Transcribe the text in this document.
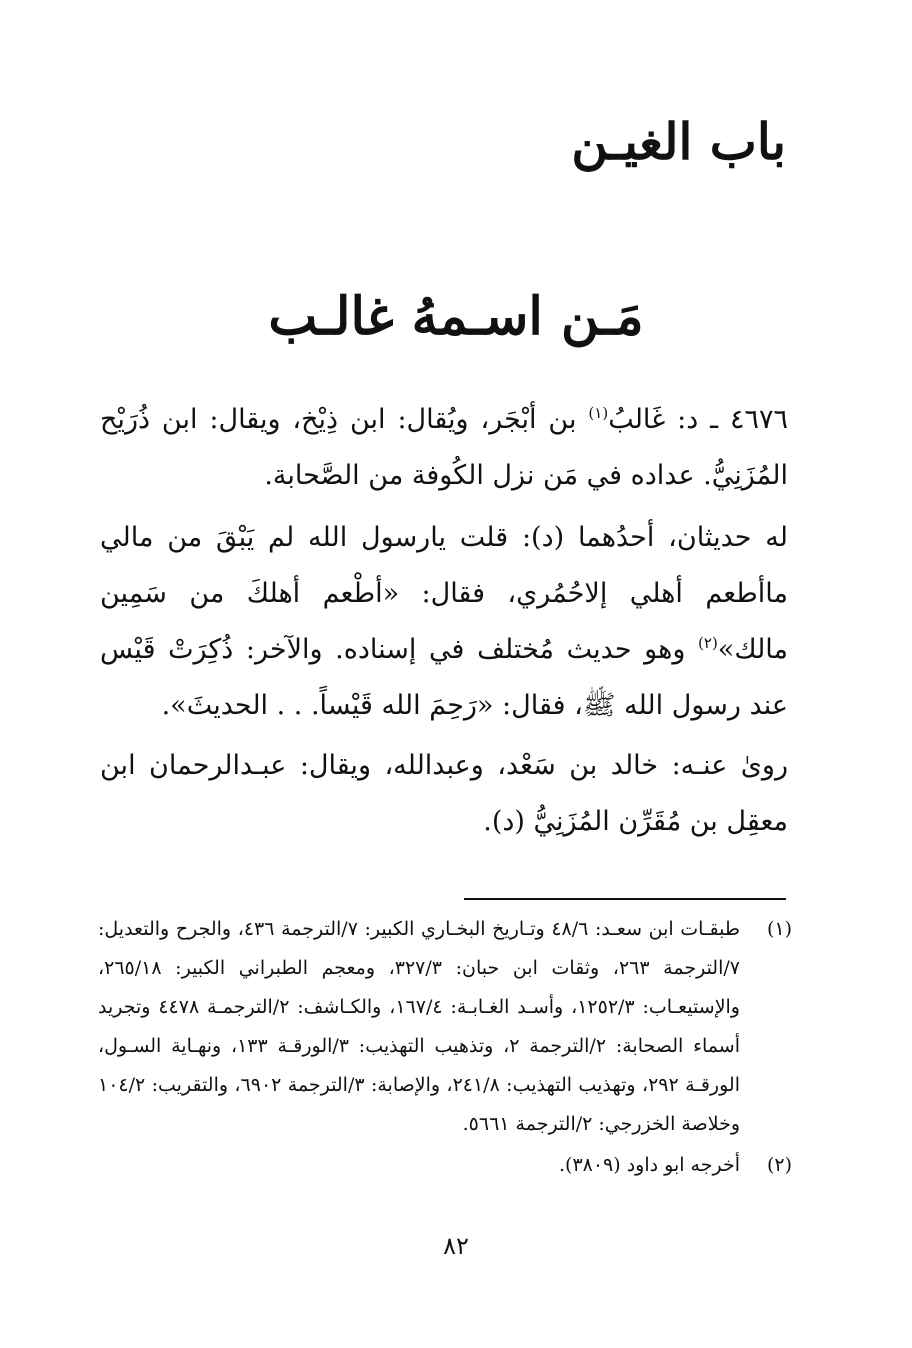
باب الغيـن
مَـن اسـمهُ غالـب

٤٦٧٦ ـ د: غَالبُ$^{(١)}$ بن أبْجَر، ويُقال: ابن ذِيْخ، ويقال: ابن ذُرَيْح المُزَنِيُّ. عداده في مَن نزل الكُوفة من الصَّحابة.

له حديثان، أحدُهما (د): قلت يارسول الله لم يَبْقَ من مالي ماأطعم أهلي إلاحُمُري، فقال: «أطْعم أهلكَ من سَمِين مالك»$^{(٢)}$ وهو حديث مُختلف في إسناده. والآخر: ذُكِرَتْ قَيْس عند رسول الله ﷺ، فقال: «رَحِمَ الله قَيْساً. . . الحديثَ».

روىٰ عنـه: خالد بن سَعْد، وعبدالله، ويقال: عبـدالرحمان ابن معقِل بن مُقَرِّن المُزَنِيُّ (د).

(١)
طبقـات ابن سعـد: ٤٨/٦ وتـاريخ البخـاري الكبير: ٧/الترجمة ٤٣٦، والجرح والتعديل: ٧/الترجمة ٢٦٣، وثقات ابن حبان: ٣٢٧/٣، ومعجم الطبراني الكبير: ٢٦٥/١٨، والإستيعـاب: ١٢٥٢/٣، وأسـد الغـابـة: ١٦٧/٤، والكـاشف: ٢/الترجمـة ٤٤٧٨ وتجريد أسماء الصحابة: ٢/الترجمة ٢، وتذهيب التهذيب: ٣/الورقـة ١٣٣، ونهـاية السـول، الورقـة ٢٩٢، وتهذيب التهذيب: ٢٤١/٨، والإصابة: ٣/الترجمة ٦٩٠٢، والتقريب: ١٠٤/٢ وخلاصة الخزرجي: ٢/الترجمة ٥٦٦١.
(٢)
أخرجه ابو داود (٣٨٠٩).
٨٢
